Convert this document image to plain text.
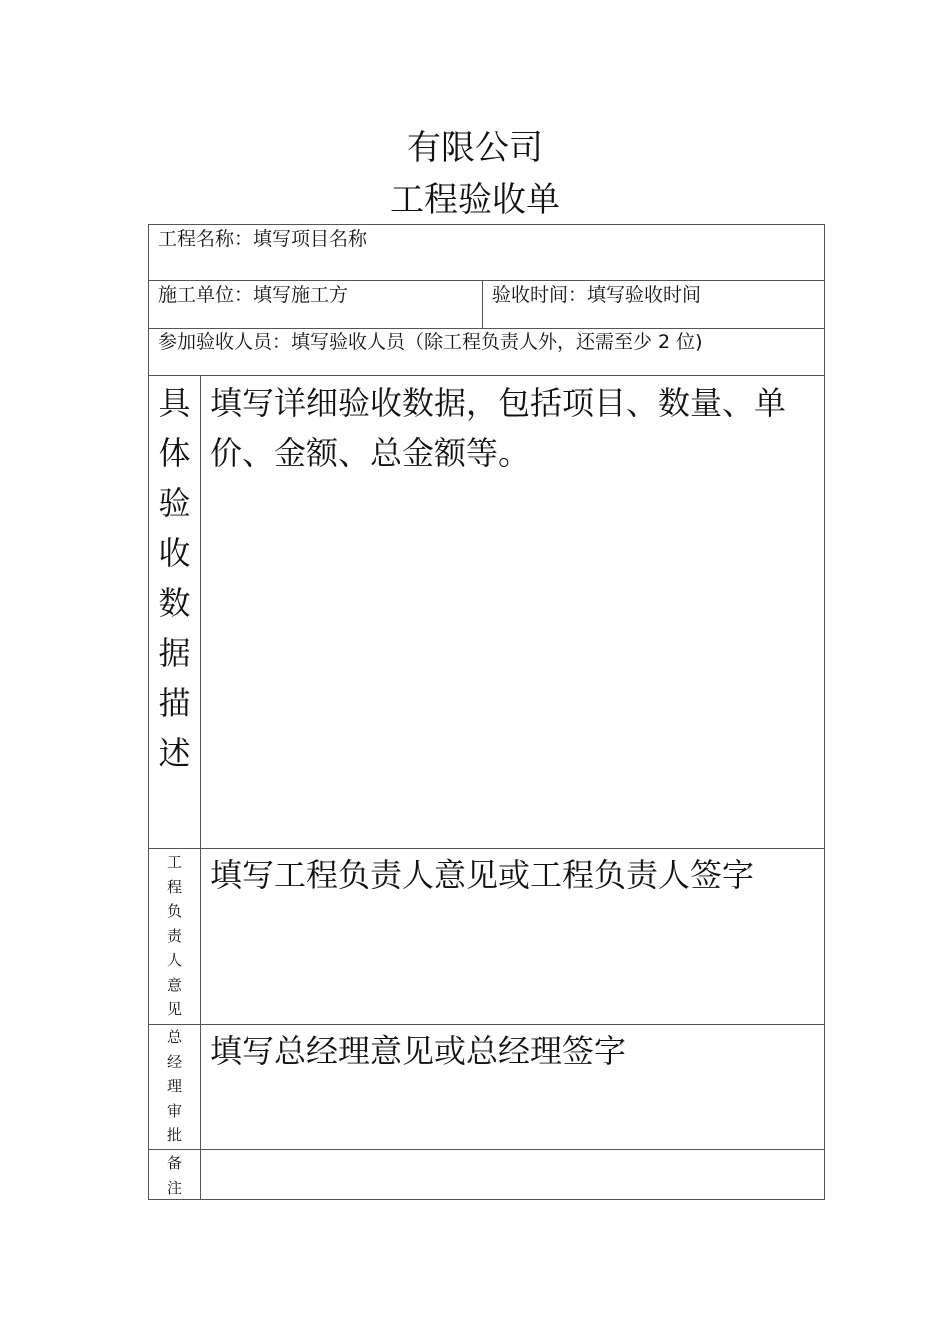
有限公司
工程验收单
工程名称：填写项目名称
施工单位：填写施工方	验收时间：填写验收时间
参加验收人员：填写验收人员（除工程负责人外，还需至少 2 位)
具
体
验
收
数
据
描
述
填写详细验收数据，包括项目、数量、单价、金额、总金额等。
工
程
负
责
人
意
见
填写工程负责人意见或工程负责人签字
总
经
理
审
批
填写总经理意见或总经理签字
备
注
